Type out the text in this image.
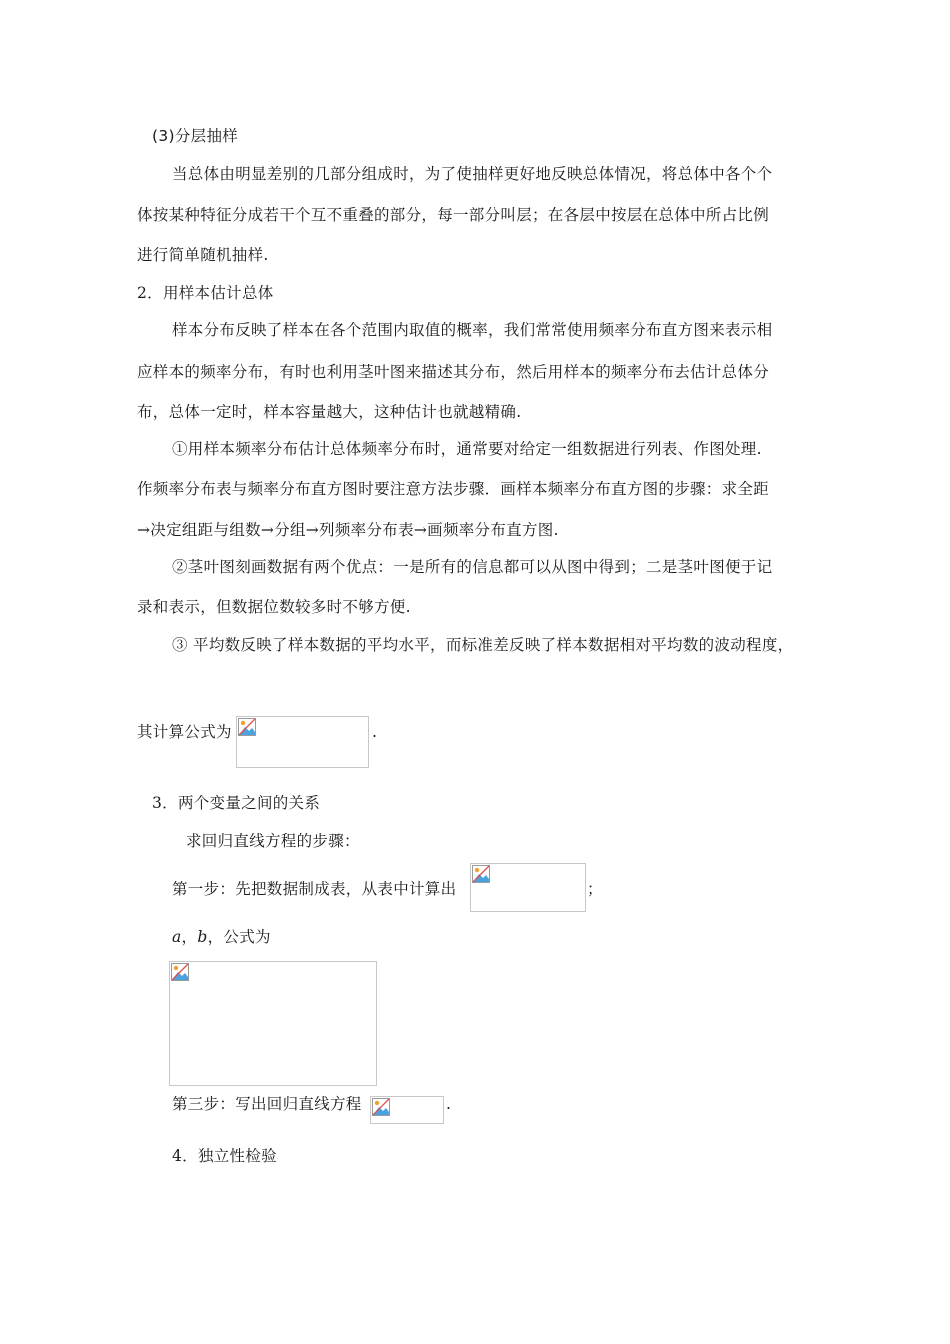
(3)分层抽样
当总体由明显差别的几部分组成时，为了使抽样更好地反映总体情况，将总体中各个个
体按某种特征分成若干个互不重叠的部分，每一部分叫层；在各层中按层在总体中所占比例
进行简单随机抽样.
2．用样本估计总体
样本分布反映了样本在各个范围内取值的概率，我们常常使用频率分布直方图来表示相
应样本的频率分布，有时也利用茎叶图来描述其分布，然后用样本的频率分布去估计总体分
布，总体一定时，样本容量越大，这种估计也就越精确.
①用样本频率分布估计总体频率分布时，通常要对给定一组数据进行列表、作图处理.
作频率分布表与频率分布直方图时要注意方法步骤．画样本频率分布直方图的步骤：求全距
→决定组距与组数→分组→列频率分布表→画频率分布直方图.
②茎叶图刻画数据有两个优点：一是所有的信息都可以从图中得到；二是茎叶图便于记
录和表示，但数据位数较多时不够方便.
③ 平均数反映了样本数据的平均水平，而标准差反映了样本数据相对平均数的波动程度，
其计算公式为	.
3．两个变量之间的关系
求回归直线方程的步骤：
第一步：先把数据制成表，从表中计算出	；
a，b，公式为
第三步：写出回归直线方程	.
4．独立性检验
